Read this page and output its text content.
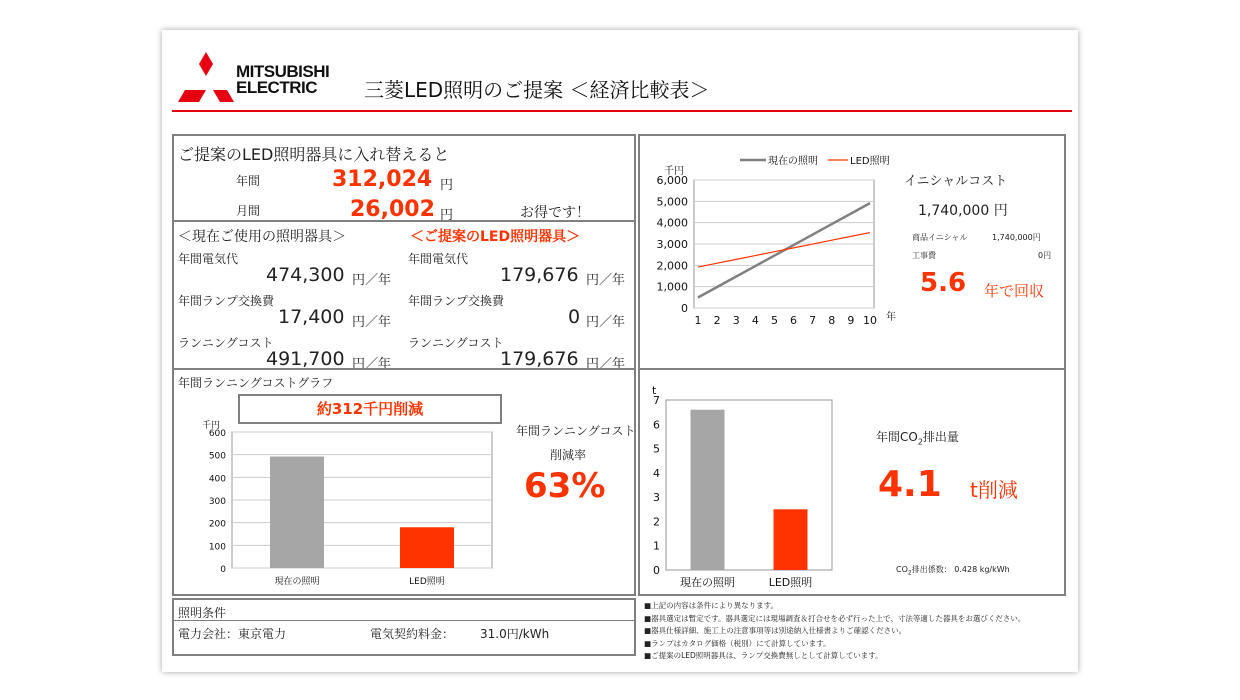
MITSUBISHI
ELECTRIC	三菱LED照明のご提案 ＜経済比較表＞
ご提案のLED照明器具に入れ替えると
年間	312,024 円
月間	26,002 円	お得です！
＜現在ご使用の照明器具＞	＜ご提案のLED照明器具＞
年間電気代
474,300 円／年
年間電気代
179,676 円／年
年間ランプ交換費
17,400 円／年
年間ランプ交換費
0 円／年
ランニングコスト
491,700 円／年
ランニングコスト
179,676 円／年
年間ランニングコストグラフ
約312千円削減
0
100
200
300
400
500
600
千円
現在の照明	LED照明
年間ランニングコスト
削減率
63%
照明条件
電力会社：東京電力	電気契約料金： 31.0円/kWh
0
1,000
2,000
3,000
4,000
5,000
6,000
1 2 3 4 5 6 7 8 9 10
千円
年
現在の照明	LED照明
イニシャルコスト
1,740,000 円
商品イニシャル	1,740,000円
工事費	0円
5.6 年で回収
0
1
2
3
4
5
6
7
t
現在の照明	LED照明
年間$CO_2$排出量
4.1 t削減
$CO_2$排出係数： 0.428 kg/kWh
■上記の内容は条件により異なります。
■器具選定は暫定です。器具選定には現場調査＆打合せを必ず行った上で、寸法等適した器具をお選びください。
■器具仕様詳細、施工上の注意事項等は別途納入仕様書よりご確認ください。
■ランプはカタログ価格（税別）にて計算しています。
■ご提案のLED照明器具は、ランプ交換費無しとして計算しています。
